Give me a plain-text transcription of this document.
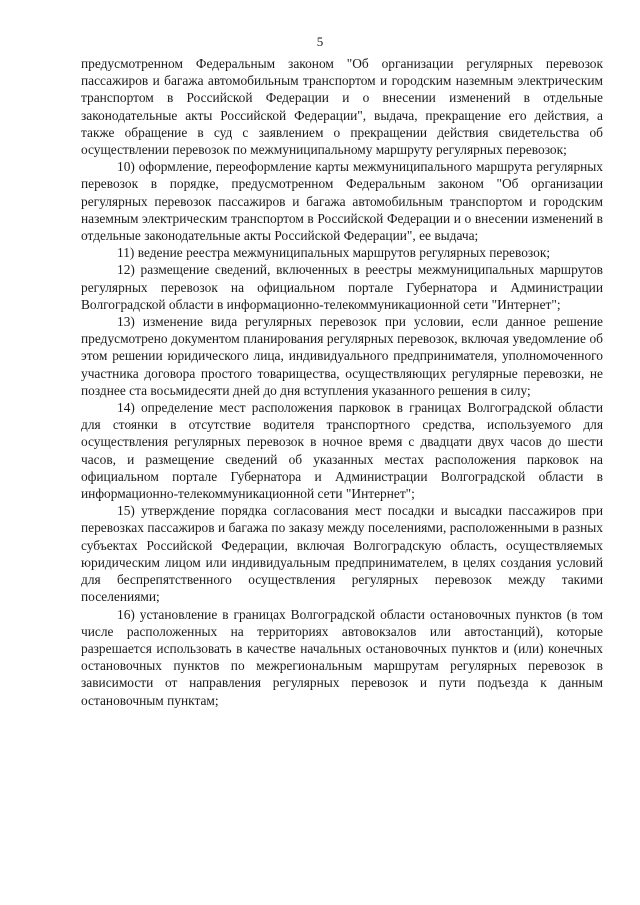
5

предусмотренном Федеральным законом "Об организации регулярных перевозок пассажиров и багажа автомобильным транспортом и городским наземным электрическим транспортом в Российской Федерации и о внесении изменений в отдельные законодательные акты Российской Федерации", выдача, прекращение его действия, а также обращение в суд с заявлением о прекращении действия свидетельства об осуществлении перевозок по межмуниципальному маршруту регулярных перевозок;

10) оформление, переоформление карты межмуниципального маршрута регулярных перевозок в порядке, предусмотренном Федеральным законом "Об организации регулярных перевозок пассажиров и багажа автомобильным транспортом и городским наземным электрическим транспортом в Российской Федерации и о внесении изменений в отдельные законодательные акты Российской Федерации", ее выдача;

11) ведение реестра межмуниципальных маршрутов регулярных перевозок;

12) размещение сведений, включенных в реестры межмуниципальных маршрутов регулярных перевозок на официальном портале Губернатора и Администрации Волгоградской области в информационно-телекоммуникационной сети "Интернет";

13) изменение вида регулярных перевозок при условии, если данное решение предусмотрено документом планирования регулярных перевозок, включая уведомление об этом решении юридического лица, индивидуального предпринимателя, уполномоченного участника договора простого товарищества, осуществляющих регулярные перевозки, не позднее ста восьмидесяти дней до дня вступления указанного решения в силу;

14) определение мест расположения парковок в границах Волгоградской области для стоянки в отсутствие водителя транспортного средства, используемого для осуществления регулярных перевозок в ночное время с двадцати двух часов до шести часов, и размещение сведений об указанных местах расположения парковок на официальном портале Губернатора и Администрации Волгоградской области в информационно-телекоммуникационной сети "Интернет";

15) утверждение порядка согласования мест посадки и высадки пассажиров при перевозках пассажиров и багажа по заказу между поселениями, расположенными в разных субъектах Российской Федерации, включая Волгоградскую область, осуществляемых юридическим лицом или индивидуальным предпринимателем, в целях создания условий для беспрепятственного осуществления регулярных перевозок между такими поселениями;

16) установление в границах Волгоградской области остановочных пунктов (в том числе расположенных на территориях автовокзалов или автостанций), которые разрешается использовать в качестве начальных остановочных пунктов и (или) конечных остановочных пунктов по межрегиональным маршрутам регулярных перевозок в зависимости от направления регулярных перевозок и пути подъезда к данным остановочным пунктам;
